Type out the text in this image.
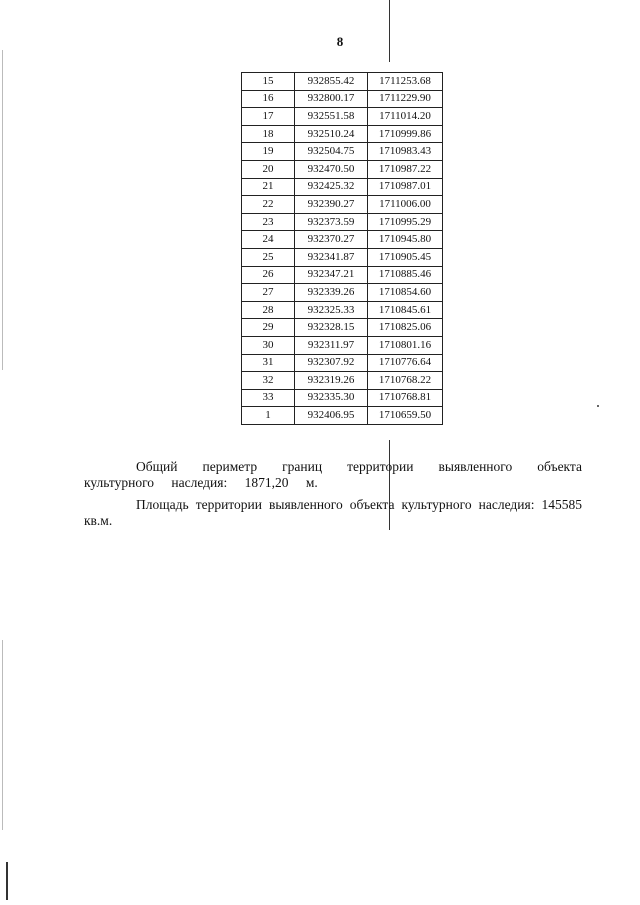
8
15	932855.42	1711253.68
16	932800.17	1711229.90
17	932551.58	1711014.20
18	932510.24	1710999.86
19	932504.75	1710983.43
20	932470.50	1710987.22
21	932425.32	1710987.01
22	932390.27	1711006.00
23	932373.59	1710995.29
24	932370.27	1710945.80
25	932341.87	1710905.45
26	932347.21	1710885.46
27	932339.26	1710854.60
28	932325.33	1710845.61
29	932328.15	1710825.06
30	932311.97	1710801.16
31	932307.92	1710776.64
32	932319.26	1710768.22
33	932335.30	1710768.81
1	932406.95	1710659.50

Общий периметр границ территории выявленного объекта культурного наследия: 1871,20 м.

Площадь территории выявленного объекта культурного наследия: 145585 кв.м.
